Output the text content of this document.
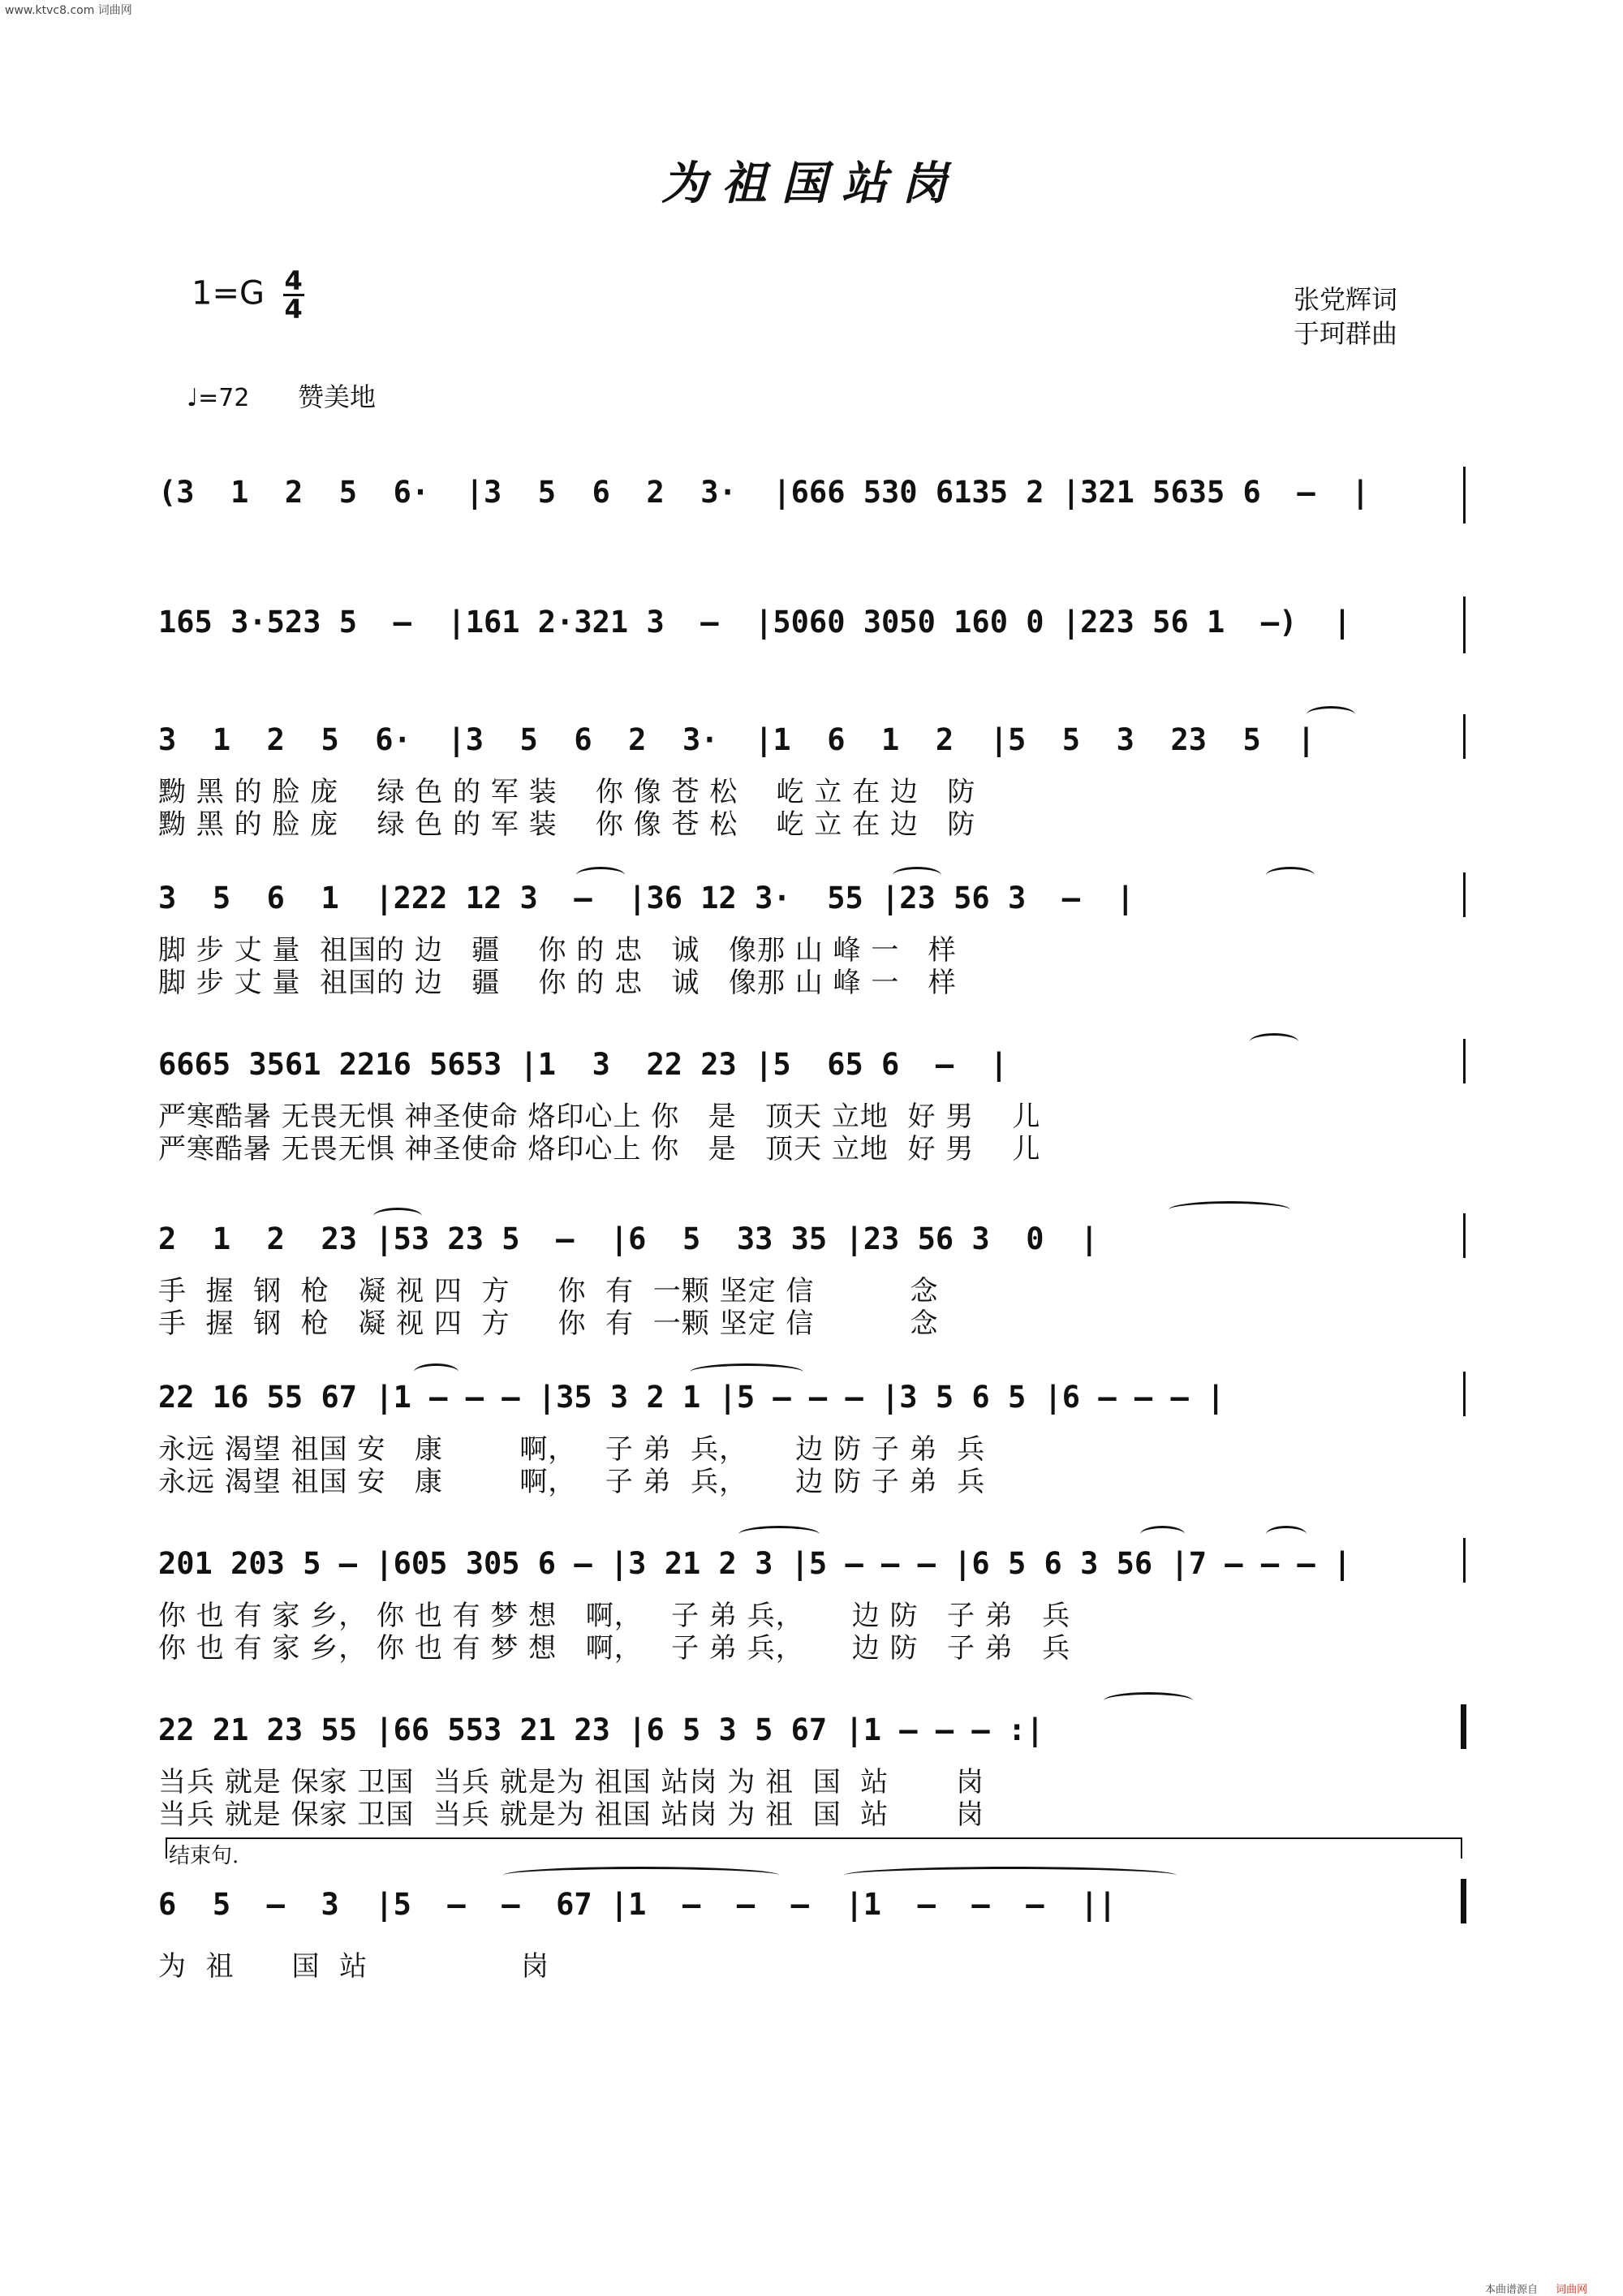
www.ktvc8.com 词曲网
为祖国站岗
$1=G \frac{4}{4}$	张党辉词
于珂群曲
♩=72 赞美地
(3  1  2  5  6·  |3  5  6  2  3·  |666 530 6135 2 |321 5635 6  –  |
165 3·523 5  –  |161 2·321 3  –  |5060 3050 160 0 |223 56 1  –)  |
3  1  2  5  6·  |3  5  6  2  3·  |1  6  1  2  |5  5  3  23  5  |
黝 黑 的 脸 庞    绿 色 的 军 装    你 像 苍 松    屹 立 在 边   防
黝 黑 的 脸 庞    绿 色 的 军 装    你 像 苍 松    屹 立 在 边   防
3  5  6  1  |222 12 3  –  |36 12 3·  55 |23 56 3  –  |
脚 步 丈 量  祖国的 边   疆    你 的 忠   诚   像那 山 峰 一   样
脚 步 丈 量  祖国的 边   疆    你 的 忠   诚   像那 山 峰 一   样
6665 3561 2216 5653 |1  3  22 23 |5  65 6  –  |
严寒酷暑 无畏无惧 神圣使命 烙印心上 你   是   顶天 立地  好 男    儿
严寒酷暑 无畏无惧 神圣使命 烙印心上 你   是   顶天 立地  好 男    儿
2  1  2  23 |53 23 5  –  |6  5  33 35 |23 56 3  0  |
手  握  钢  枪   凝 视 四  方     你  有  一颗 坚定 信          念
手  握  钢  枪   凝 视 四  方     你  有  一颗 坚定 信          念
22 16 55 67 |1 – – – |35 3 2 1 |5 – – – |3 5 6 5 |6 – – – |
永远 渴望 祖国 安   康        啊，   子 弟  兵，     边 防 子 弟  兵
永远 渴望 祖国 安   康        啊，   子 弟  兵，     边 防 子 弟  兵
201 203 5 – |605 305 6 – |3 21 2 3 |5 – – – |6 5 6 3 56 |7 – – – |
你 也 有 家 乡， 你 也 有 梦 想   啊，   子 弟 兵，     边 防   子 弟   兵
你 也 有 家 乡， 你 也 有 梦 想   啊，   子 弟 兵，     边 防   子 弟   兵
22 21 23 55 |66 553 21 23 |6 5 3 5 67 |1 – – – :|
当兵 就是 保家 卫国  当兵 就是为 祖国 站岗 为 祖  国  站       岗
当兵 就是 保家 卫国  当兵 就是为 祖国 站岗 为 祖  国  站       岗
结束句.
6  5  –  3  |5  –  –  67 |1  –  –  –  |1  –  –  –  ||
为  祖      国  站                岗
本曲谱源自 词曲网
